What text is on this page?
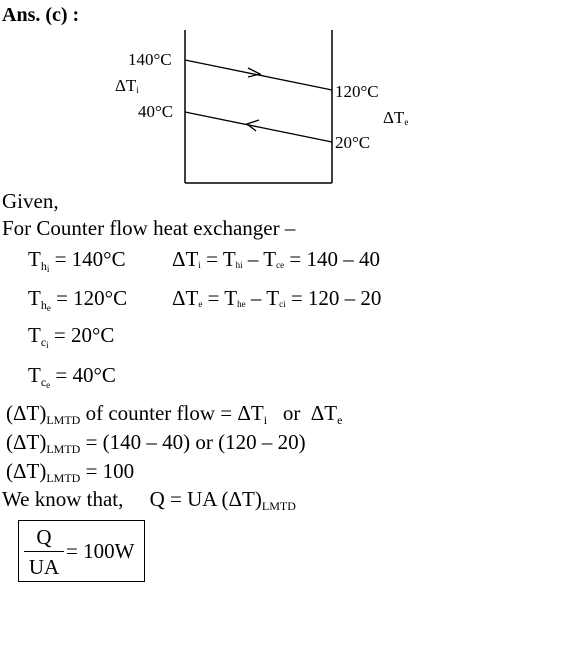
Ans. (c) :
140°C
$\Delta T_i$
40°C
120°C
$\Delta T_e$
20°C
Given,
For Counter flow heat exchanger –
$T_{h_i} = 140^\circ C$ $\Delta T_i = T_{hi} - T_{ce} = 140 - 40$
$T_{h_e} = 120^\circ C$ $\Delta T_e = T_{he} - T_{ci} = 120 - 20$
$T_{c_i} = 20^\circ C$
$T_{c_e} = 40^\circ C$
$(\Delta T)_{LMTD}$ of counter flow = $\Delta T_i$   or  $\Delta T_e$
$(\Delta T)_{LMTD} = (140 - 40)$ or (120 – 20)
$(\Delta T)_{LMTD} = 100$
We know that,     Q = UA $(\Delta T)_{LMTD}$
Q
UA
= 100W
